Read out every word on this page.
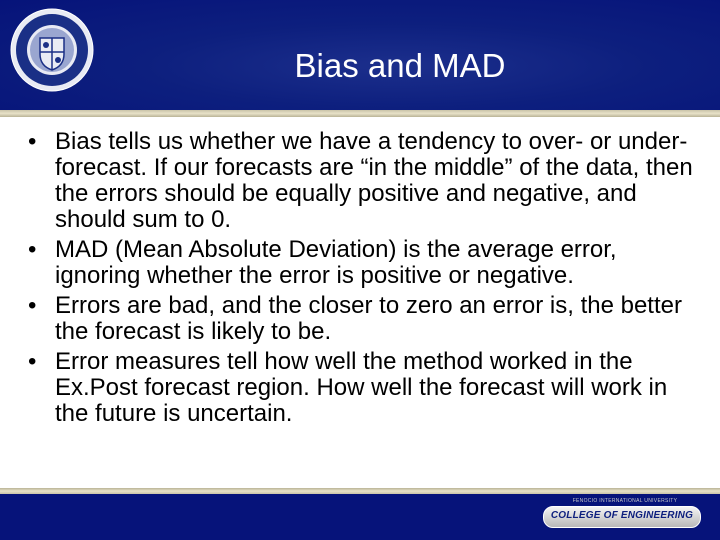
Bias and MAD
• Bias tells us whether we have a tendency to over- or under-forecast. If our forecasts are “in the middle” of the data, then the errors should be equally positive and negative, and should sum to 0.
• MAD (Mean Absolute Deviation) is the average error, ignoring whether the error is positive or negative.
• Errors are bad, and the closer to zero an error is, the better the forecast is likely to be.
• Error measures tell how well the method worked in the Ex.Post forecast region. How well the forecast will work in the future is uncertain.
FENOCIO INTERNATIONAL UNIVERSITY
COLLEGE OF ENGINEERING
